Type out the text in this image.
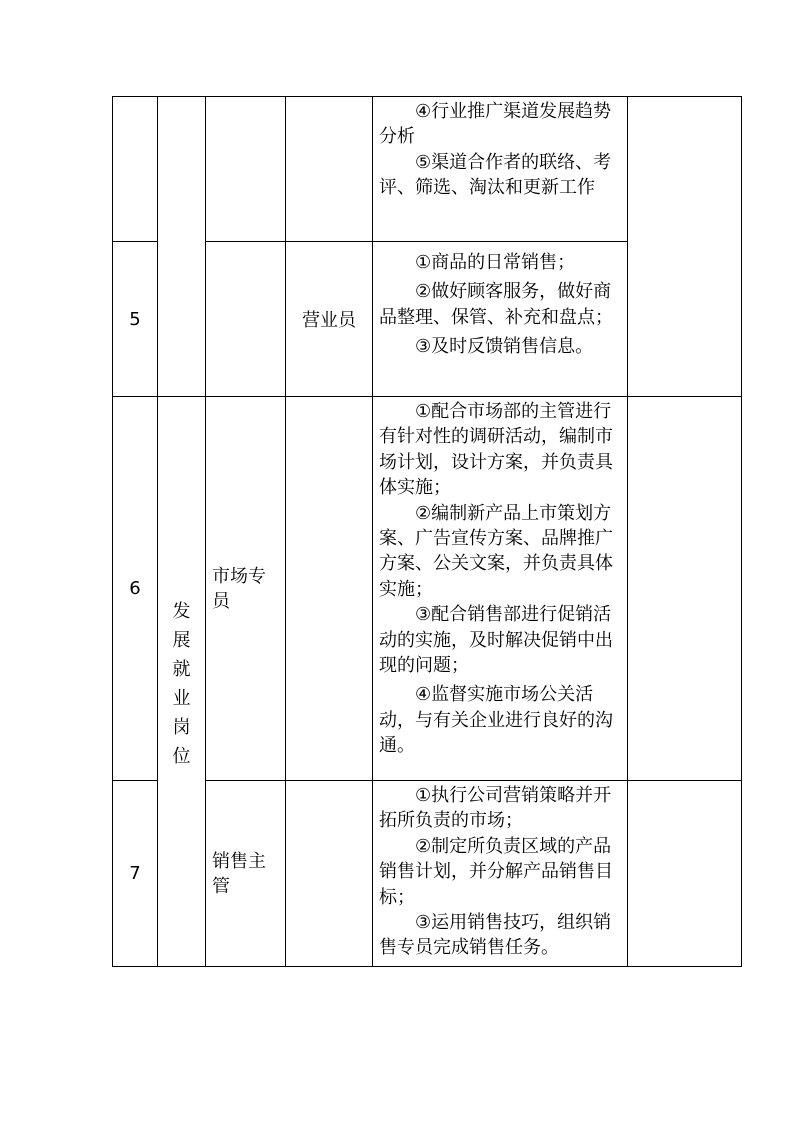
				④行业推广渠道发展趋势分析

⑤渠道合作者的联络、考评、筛选、淘汰和更新工作	

5			营业员	①商品的日常销售；

②做好顾客服务，做好商品整理、保管、补充和盘点；

③及时反馈销售信息。	

6	发展就业岗位	市场专员		①配合市场部的主管进行有针对性的调研活动，编制市场计划，设计方案，并负责具体实施；

②编制新产品上市策划方案、广告宣传方案、品牌推广方案、公关文案，并负责具体实施；

③配合销售部进行促销活动的实施，及时解决促销中出现的问题；

④监督实施市场公关活动，与有关企业进行良好的沟通。	

7		销售主管		①执行公司营销策略并开拓所负责的市场；

②制定所负责区域的产品销售计划，并分解产品销售目标；

③运用销售技巧，组织销售专员完成销售任务。	
